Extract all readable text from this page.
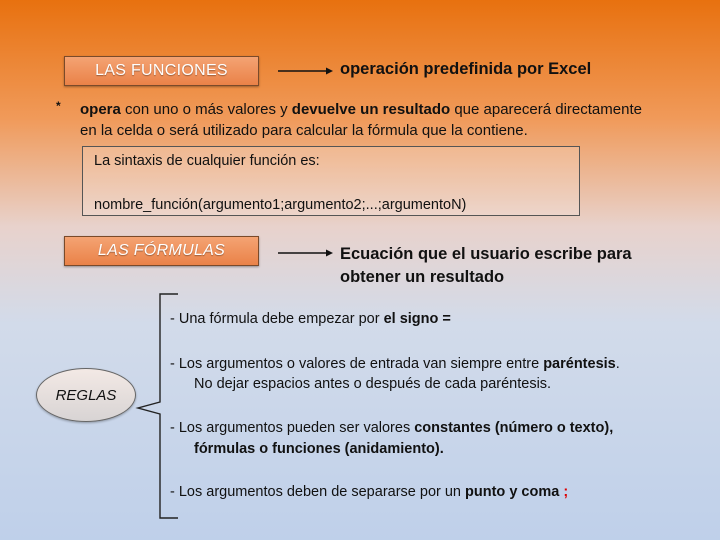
LAS FUNCIONES	operación predefinida por Excel
* opera con uno o más valores y devuelve un resultado que aparecerá directamente
en la celda o será utilizado para calcular la fórmula que la contiene.
La sintaxis de cualquier función es:
nombre_función(argumento1;argumento2;...;argumentoN)
LAS FÓRMULAS	Ecuación que el usuario escribe para
obtener un resultado
REGLAS
- Una fórmula debe empezar por el signo =
- Los argumentos o valores de entrada van siempre entre paréntesis.
No dejar espacios antes o después de cada paréntesis.
- Los argumentos pueden ser valores constantes (número o texto),
fórmulas o funciones (anidamiento).
- Los argumentos deben de separarse por un punto y coma ;
